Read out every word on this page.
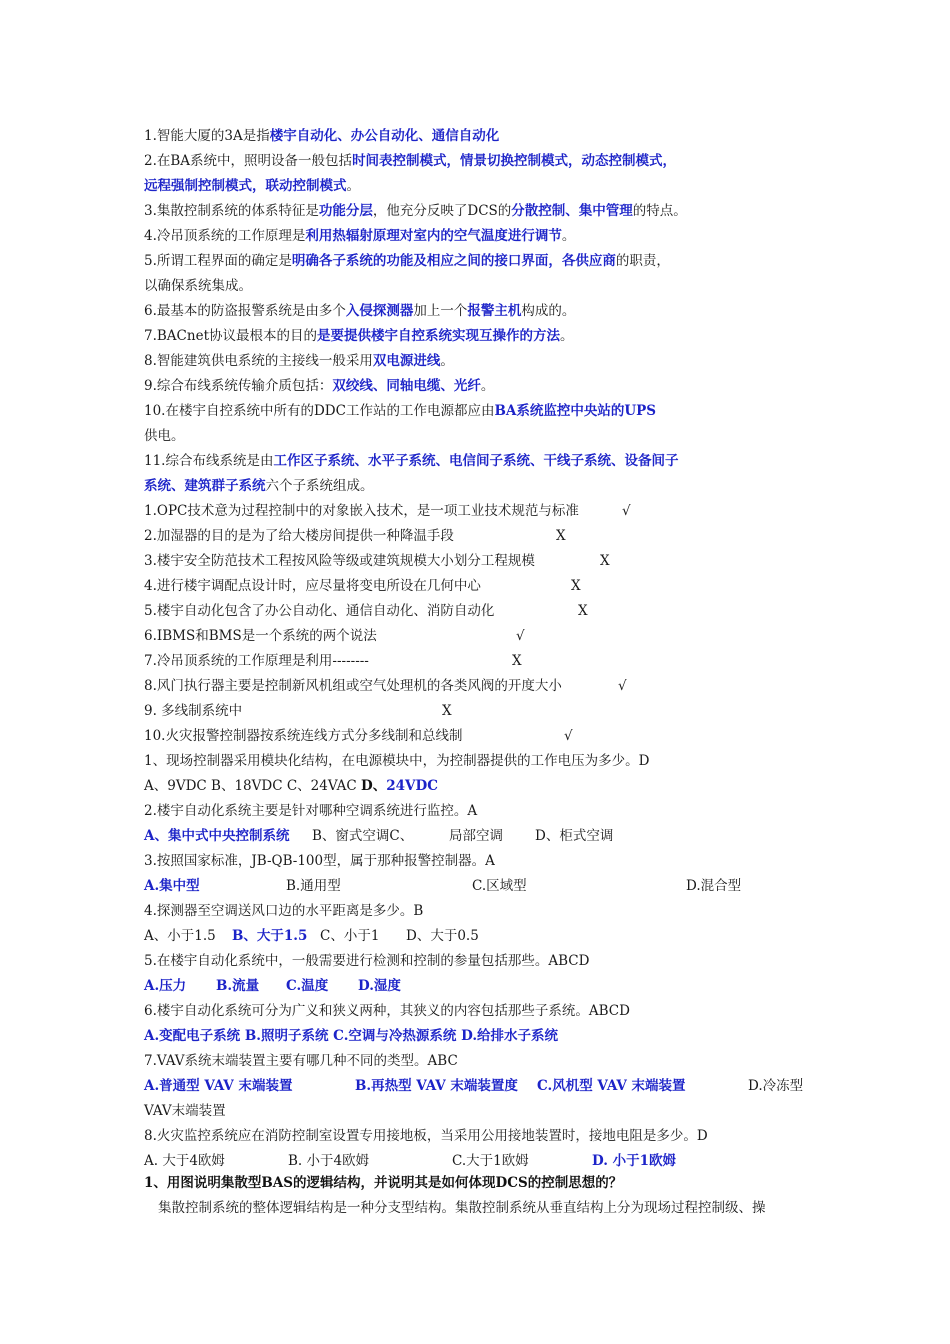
1.智能大厦的3A是指楼宇自动化、办公自动化、通信自动化
2.在BA系统中，照明设备一般包括时间表控制模式，情景切换控制模式，动态控制模式，
远程强制控制模式，联动控制模式。
3.集散控制系统的体系特征是功能分层，他充分反映了DCS的分散控制、集中管理的特点。
4.冷吊顶系统的工作原理是利用热辐射原理对室内的空气温度进行调节。
5.所谓工程界面的确定是明确各子系统的功能及相应之间的接口界面，各供应商的职责，
以确保系统集成。
6.最基本的防盗报警系统是由多个入侵探测器加上一个报警主机构成的。
7.BACnet协议最根本的目的是要提供楼宇自控系统实现互操作的方法。
8.智能建筑供电系统的主接线一般采用双电源进线。
9.综合布线系统传输介质包括：双绞线、同轴电缆、光纤。
10.在楼宇自控系统中所有的DDC工作站的工作电源都应由BA系统监控中央站的UPS
供电。
11.综合布线系统是由工作区子系统、水平子系统、电信间子系统、干线子系统、设备间子
系统、建筑群子系统六个子系统组成。
1.OPC技术意为过程控制中的对象嵌入技术，是一项工业技术规范与标准	√
2.加湿器的目的是为了给大楼房间提供一种降温手段	X
3.楼宇安全防范技术工程按风险等级或建筑规模大小划分工程规模	X
4.进行楼宇调配点设计时，应尽量将变电所设在几何中心	X
5.楼宇自动化包含了办公自动化、通信自动化、消防自动化	X
6.IBMS和BMS是一个系统的两个说法	√
7.冷吊顶系统的工作原理是利用--------	X
8.风门执行器主要是控制新风机组或空气处理机的各类风阀的开度大小	√
9. 多线制系统中	X
10.火灾报警控制器按系统连线方式分多线制和总线制	√
1、现场控制器采用模块化结构，在电源模块中，为控制器提供的工作电压为多少。D
A、9VDC B、18VDC C、24VAC D、24VDC
2.楼宇自动化系统主要是针对哪种空调系统进行监控。A
A、集中式中央控制系统 B、窗式空调C、	局部空调 D、柜式空调
3.按照国家标准，JB-QB-100型，属于那种报警控制器。A
A.集中型	B.通用型	C.区域型	D.混合型
4.探测器至空调送风口边的水平距离是多少。B
A、小于1.5 B、大于1.5 C、小于1 D、大于0.5
5.在楼宇自动化系统中，一般需要进行检测和控制的参量包括那些。ABCD
A.压力 B.流量 C.温度 D.湿度
6.楼宇自动化系统可分为广义和狭义两种，其狭义的内容包括那些子系统。ABCD
A.变配电子系统 B.照明子系统 C.空调与冷热源系统 D.给排水子系统
7.VAV系统末端装置主要有哪几种不同的类型。ABC
A.普通型 VAV 末端装置	B.再热型 VAV 末端装置度 C.风机型 VAV 末端装置	D.冷冻型
VAV末端装置
8.火灾监控系统应在消防控制室设置专用接地板，当采用公用接地装置时，接地电阻是多少。D
A. 大于4欧姆	B. 小于4欧姆	C.大于1欧姆	D. 小于1欧姆
1、用图说明集散型BAS的逻辑结构，并说明其是如何体现DCS的控制思想的？
集散控制系统的整体逻辑结构是一种分支型结构。集散控制系统从垂直结构上分为现场过程控制级、操
